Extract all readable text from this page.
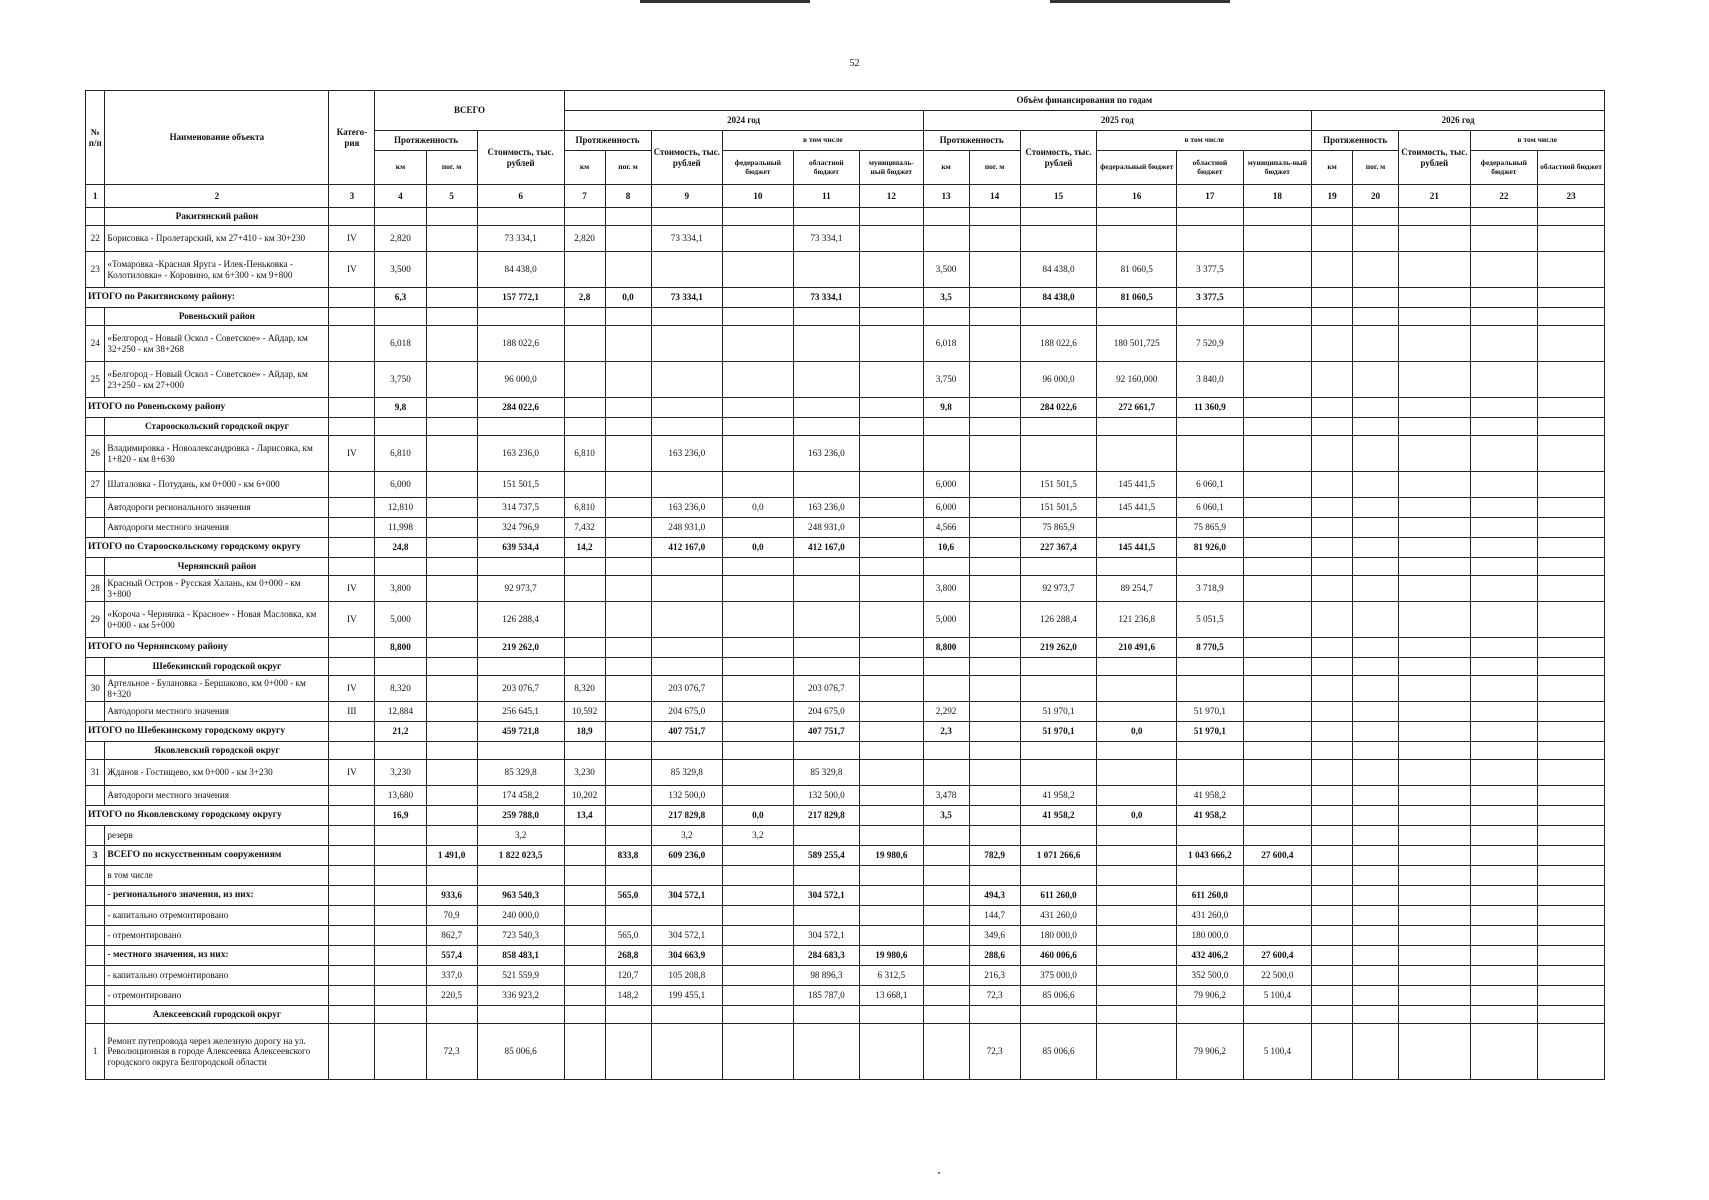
52
№ п/п	Наименование объекта	Катего-рия	ВСЕГО			Объём финансирования по годам																
						2024 год						2025 год						2026 год				
			Протяженность		Стоимость, тыс. рублей	Протяженность		Стоимость, тыс. рублей	в том числе			Протяженность		Стоимость, тыс. рублей	в том числе			Протяженность		Стоимость, тыс. рублей	в том числе	
			км	пог. м		км	пог. м		федеральный бюджет	областной бюджет	муниципаль-ный бюджет	км	пог. м		федеральный бюджет	областной бюджет	муниципаль-ный бюджет	км	пог. м		федеральный бюджет	областной бюджет
1	2	3	4	5	6	7	8	9	10	11	12	13	14	15	16	17	18	19	20	21	22	23
	Ракитянский район																					
22	Борисовка - Пролетарский, км 27+410 - км 30+230	IV	2,820		73 334,1	2,820		73 334,1		73 334,1												
23	«Томаровка -Красная Яруга - Илек-Пеньковка - Колотиловка» - Коровино, км 6+300 - км 9+800	IV	3,500		84 438,0							3,500		84 438,0	81 060,5	3 377,5						
ИТОГО по Ракитянскому району:			6,3		157 772,1	2,8	0,0	73 334,1		73 334,1		3,5		84 438,0	81 060,5	3 377,5						
	Ровеньский район																					
24	«Белгород - Новый Оскол - Советское» - Айдар, км 32+250 - км 38+268		6,018		188 022,6							6,018		188 022,6	180 501,725	7 520,9						
25	«Белгород - Новый Оскол - Советское» - Айдар, км 23+250 - км 27+000		3,750		96 000,0							3,750		96 000,0	92 160,000	3 840,0						
ИТОГО по Ровеньскому району			9,8		284 022,6							9,8		284 022,6	272 661,7	11 360,9						
	Старооскольский городской округ																					
26	Владимировка - Новоалександровка - Ларисовка, км 1+820 - км 8+630	IV	6,810		163 236,0	6,810		163 236,0		163 236,0												
27	Шаталовка - Потудань, км 0+000 - км 6+000		6,000		151 501,5							6,000		151 501,5	145 441,5	6 060,1						
	Автодороги регионального значения		12,810		314 737,5	6,810		163 236,0	0,0	163 236,0		6,000		151 501,5	145 441,5	6 060,1						
	Автодороги местного значения		11,998		324 796,9	7,432		248 931,0		248 931,0		4,566		75 865,9		75 865,9						
ИТОГО по Старооскольскому городскому округу			24,8		639 534,4	14,2		412 167,0	0,0	412 167,0		10,6		227 367,4	145 441,5	81 926,0						
	Чернянский район																					
28	Красный Остров - Русская Халань, км 0+000 - км 3+800	IV	3,800		92 973,7							3,800		92 973,7	89 254,7	3 718,9						
29	«Короча - Чернянка - Красное» - Новая Масловка, км 0+000 - км 5+000	IV	5,000		126 288,4							5,000		126 288,4	121 236,8	5 051,5						
ИТОГО по Чернянскому району			8,800		219 262,0							8,800		219 262,0	210 491,6	8 770,5						
	Шебекинский городской округ																					
30	Артельное - Булановка - Бершаково, км 0+000 - км 8+320	IV	8,320		203 076,7	8,320		203 076,7		203 076,7												
	Автодороги местного значения	III	12,884		256 645,1	10,592		204 675,0		204 675,0		2,292		51 970,1		51 970,1						
ИТОГО по Шебекинскому городскому округу			21,2		459 721,8	18,9		407 751,7		407 751,7		2,3		51 970,1	0,0	51 970,1						
	Яковлевский городской округ																					
31	Жданов - Гостищево, км 0+000 - км 3+230	IV	3,230		85 329,8	3,230		85 329,8		85 329,8												
	Автодороги местного значения		13,680		174 458,2	10,202		132 500,0		132 500,0		3,478		41 958,2		41 958,2						
ИТОГО по Яковлевскому городскому округу			16,9		259 788,0	13,4		217 829,8	0,0	217 829,8		3,5		41 958,2	0,0	41 958,2						
	резерв				3,2			3,2	3,2													
3	ВСЕГО по искусственным сооружениям			1 491,0	1 822 023,5		833,8	609 236,0		589 255,4	19 980,6		782,9	1 071 266,6		1 043 666,2	27 600,4					
	в том числе																					
	- регионального значения, из них:			933,6	963 540,3		565,0	304 572,1		304 572,1			494,3	611 260,0		611 260,0						
	- капитально отремонтировано			70,9	240 000,0								144,7	431 260,0		431 260,0						
	- отремонтировано			862,7	723 540,3		565,0	304 572,1		304 572,1			349,6	180 000,0		180 000,0						
	- местного значения, из них:			557,4	858 483,1		268,8	304 663,9		284 683,3	19 980,6		288,6	460 006,6		432 406,2	27 600,4					
	- капитально отремонтировано			337,0	521 559,9		120,7	105 208,8		98 896,3	6 312,5		216,3	375 000,0		352 500,0	22 500,0					
	- отремонтировано			220,5	336 923,2		148,2	199 455,1		185 787,0	13 668,1		72,3	85 006,6		79 906,2	5 100,4					
	Алексеевский городской округ																					
1	Ремонт путепровода через железную дорогу на ул. Революционная в городе Алексеевка Алексеевского городского округа Белгородской области			72,3	85 006,6								72,3	85 006,6		79 906,2	5 100,4					
